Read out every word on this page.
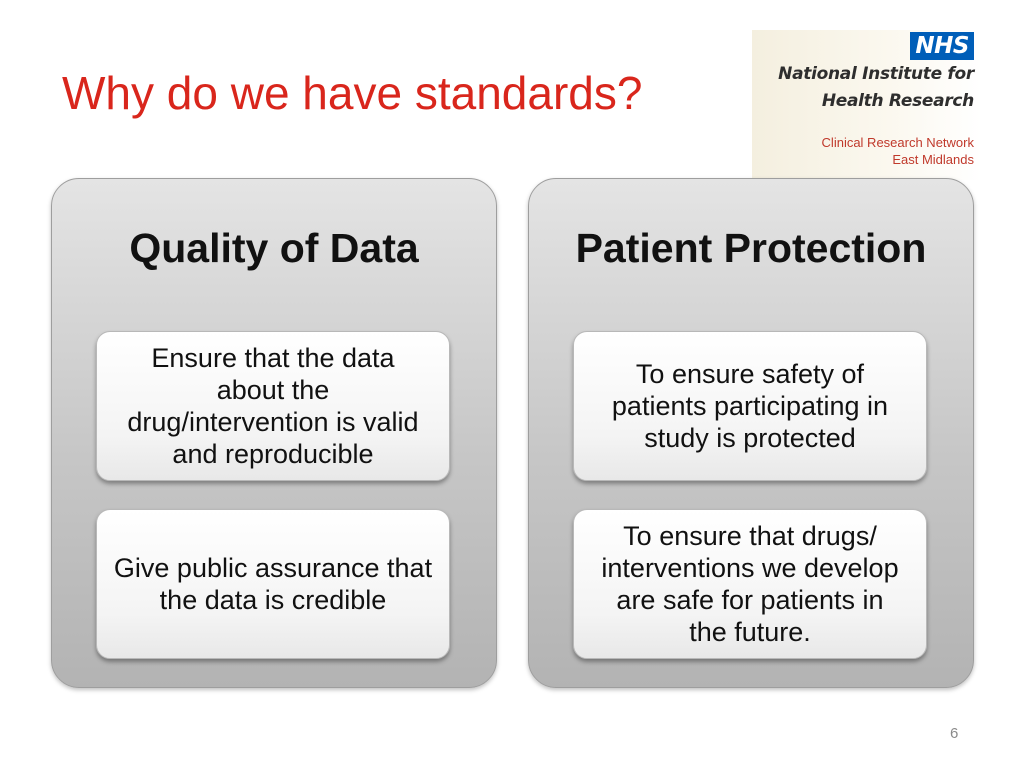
Why do we have standards?
NHS
National Institute for
Health Research
Clinical Research Network
East Midlands
Quality of Data
Ensure that the data about the drug/intervention is valid and reproducible
Give public assurance that the data is credible
Patient Protection
To ensure safety of patients participating in study is protected
To ensure that drugs/ interventions we develop are safe for patients in the future.
6
